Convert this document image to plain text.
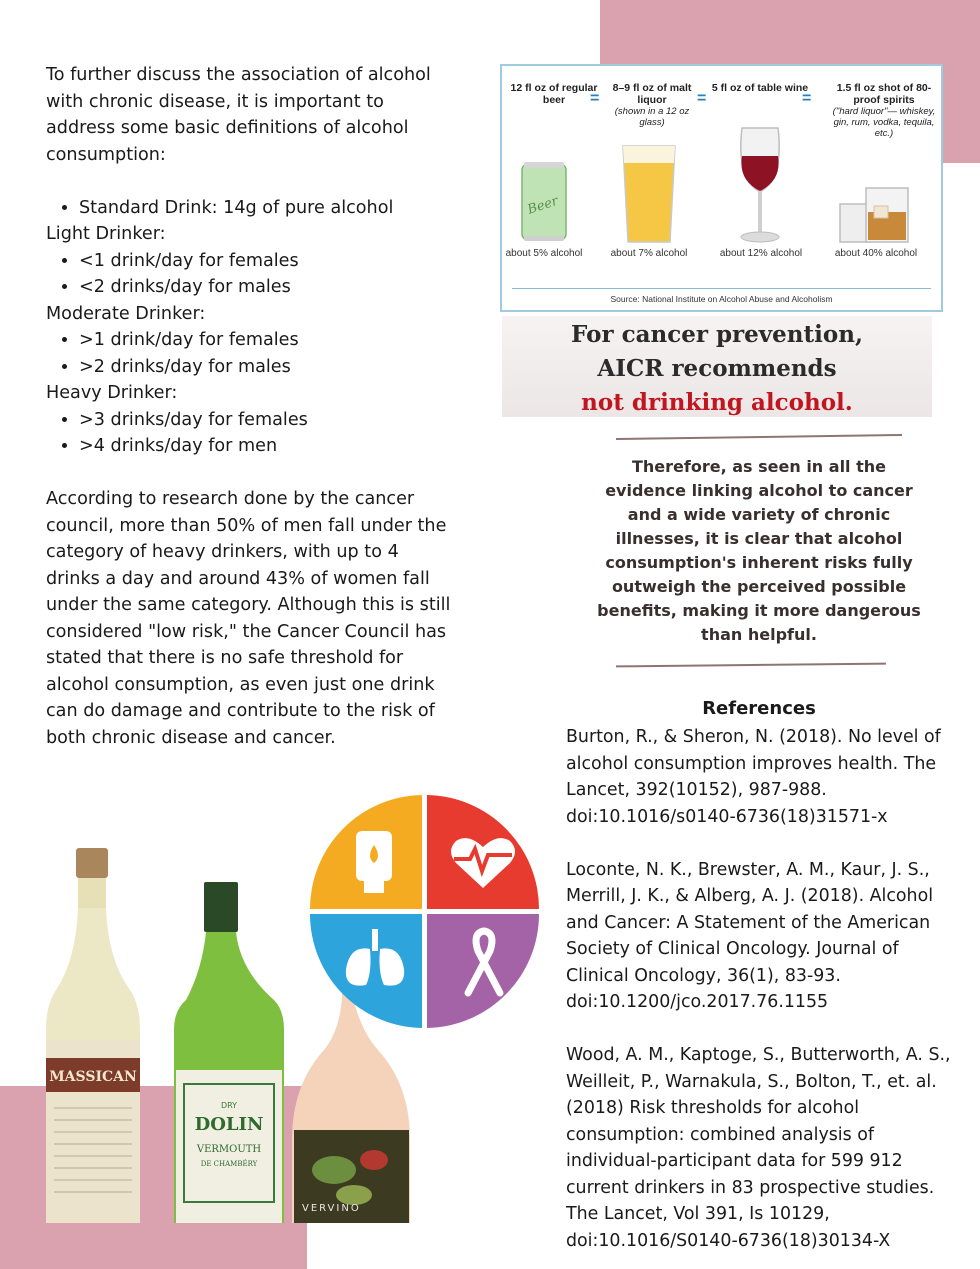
To further discuss the association of alcohol with chronic disease, it is important to address some basic definitions of alcohol consumption:

• Standard Drink: 14g of pure alcohol

Light Drinker:

• <1 drink/day for females
• <2 drinks/day for males

Moderate Drinker:

• >1 drink/day for females
• >2 drinks/day for males

Heavy Drinker:

• >3 drinks/day for females
• >4 drinks/day for men

According to research done by the cancer council, more than 50% of men fall under the category of heavy drinkers, with up to 4 drinks a day and around 43% of women fall under the same category. Although this is still considered "low risk," the Cancer Council has stated that there is no safe threshold for alcohol consumption, as even just one drink can do damage and contribute to the risk of both chronic disease and cancer.

12 fl oz of regular beer	=
8–9 fl oz of malt liquor
(shown in a 12 oz glass)
=
5 fl oz of table wine
=
1.5 fl oz shot of 80-proof spirits
("hard liquor"— whiskey, gin, rum, vodka, tequila, etc.)
Beer
about 5% alcohol	about 7% alcohol	about 12% alcohol	about 40% alcohol
Source: National Institute on Alcohol Abuse and Alcoholism
For cancer prevention,
AICR recommends
not drinking alcohol.
Therefore, as seen in all the evidence linking alcohol to cancer and a wide variety of chronic illnesses, it is clear that alcohol consumption's inherent risks fully outweigh the perceived possible benefits, making it more dangerous than helpful.
References

Burton, R., & Sheron, N. (2018). No level of alcohol consumption improves health. The Lancet, 392(10152), 987-988. doi:10.1016/s0140-6736(18)31571-x

Loconte, N. K., Brewster, A. M., Kaur, J. S., Merrill, J. K., & Alberg, A. J. (2018). Alcohol and Cancer: A Statement of the American Society of Clinical Oncology. Journal of Clinical Oncology, 36(1), 83-93. doi:10.1200/jco.2017.76.1155

Wood, A. M., Kaptoge, S., Butterworth, A. S., Weilleit, P., Warnakula, S., Bolton, T., et. al. (2018) Risk thresholds for alcohol consumption: combined analysis of individual-participant data for 599 912 current drinkers in 83 prospective studies. The Lancet, Vol 391, Is 10129, doi:10.1016/S0140-6736(18)30134-X

VERVINO
DRY
DOLIN
VERMOUTH
DE CHAMBÉRY
MASSICAN
